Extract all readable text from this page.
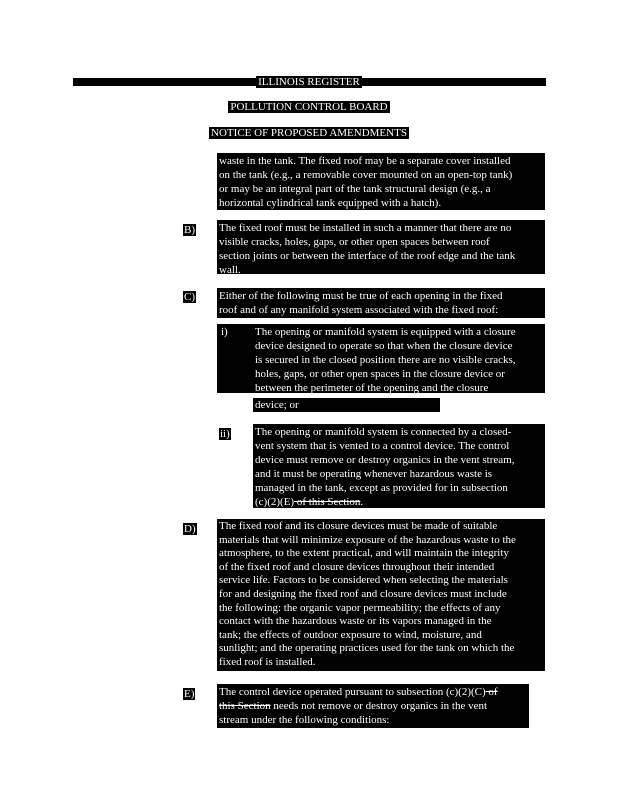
ILLINOIS REGISTER
POLLUTION CONTROL BOARD
NOTICE OF PROPOSED AMENDMENTS
waste in the tank. The fixed roof may be a separate cover installed
on the tank (e.g., a removable cover mounted on an open-top tank)
or may be an integral part of the tank structural design (e.g., a
horizontal cylindrical tank equipped with a hatch).
B) The fixed roof must be installed in such a manner that there are no
visible cracks, holes, gaps, or other open spaces between roof
section joints or between the interface of the roof edge and the tank
wall.
C) Either of the following must be true of each opening in the fixed
roof and of any manifold system associated with the fixed roof:
i) The opening or manifold system is equipped with a closure
device designed to operate so that when the closure device
is secured in the closed position there are no visible cracks,
holes, gaps, or other open spaces in the closure device or
between the perimeter of the opening and the closure
device; or
ii) The opening or manifold system is connected by a closed-
vent system that is vented to a control device. The control
device must remove or destroy organics in the vent stream,
and it must be operating whenever hazardous waste is
managed in the tank, except as provided for in subsection
(c)(2)(E) of this Section.
D) The fixed roof and its closure devices must be made of suitable
materials that will minimize exposure of the hazardous waste to the
atmosphere, to the extent practical, and will maintain the integrity
of the fixed roof and closure devices throughout their intended
service life. Factors to be considered when selecting the materials
for and designing the fixed roof and closure devices must include
the following: the organic vapor permeability; the effects of any
contact with the hazardous waste or its vapors managed in the
tank; the effects of outdoor exposure to wind, moisture, and
sunlight; and the operating practices used for the tank on which the
fixed roof is installed.
E) The control device operated pursuant to subsection (c)(2)(C) of
this Section needs not remove or destroy organics in the vent
stream under the following conditions:
